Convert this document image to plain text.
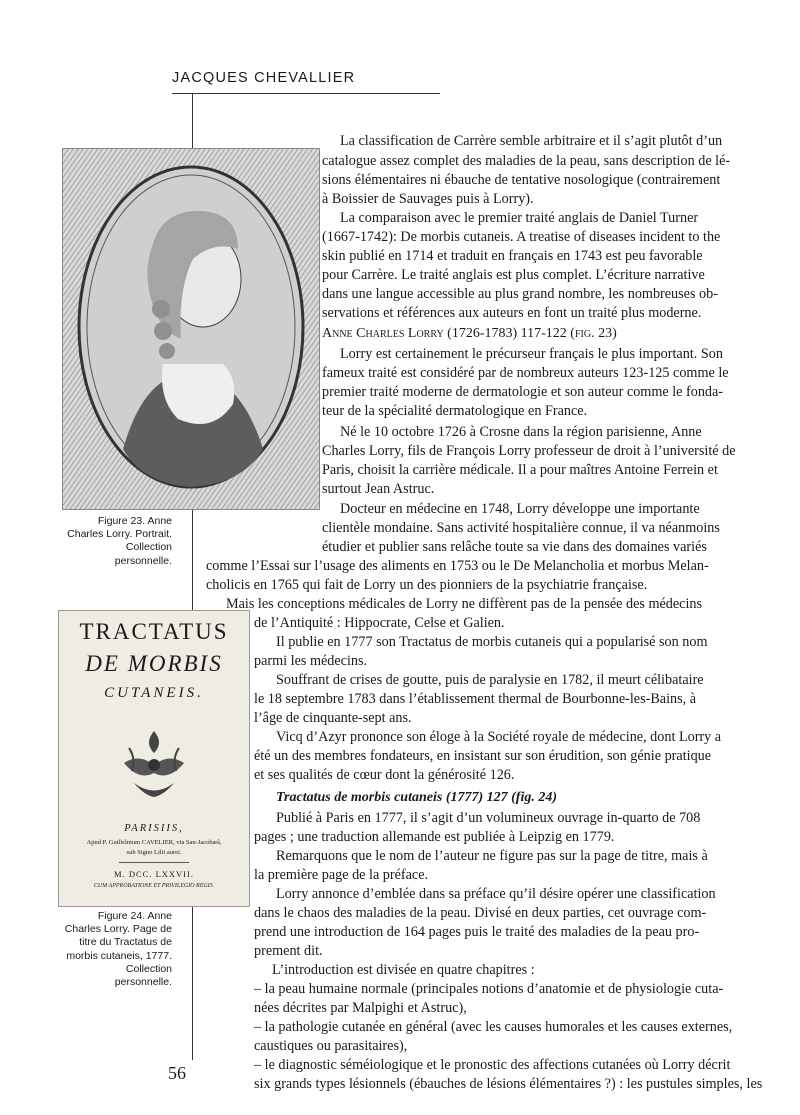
JACQUES CHEVALLIER
Figure 23. Anne
Charles Lorry. Portrait.
Collection
personnelle.
TRACTATUS
DE MORBIS
CUTANEIS.
PARISIIS,
Apud P. Guillelmum CAVELIER, via San-Jacobæâ,
sub Signo Lilii aurei.
M. DCC. LXXVII.
CUM APPROBATIONE ET PRIVILEGIO REGIS.
Figure 24. Anne
Charles Lorry. Page de
titre du Tractatus de
morbis cutaneis, 1777.
Collection
personnelle.
La classification de Carrère semble arbitraire et il s’agit plutôt d’un
catalogue assez complet des maladies de la peau, sans description de lé-
sions élémentaires ni ébauche de tentative nosologique (contrairement
à Boissier de Sauvages puis à Lorry).
La comparaison avec le premier traité anglais de Daniel Turner
(1667-1742): De morbis cutaneis. A treatise of diseases incident to the
skin publié en 1714 et traduit en français en 1743 est peu favorable
pour Carrère. Le traité anglais est plus complet. L’écriture narrative
dans une langue accessible au plus grand nombre, les nombreuses ob-
servations et références aux auteurs en font un traité plus moderne.
Anne Charles Lorry (1726-1783) 117-122 (fig. 23)
Lorry est certainement le précurseur français le plus important. Son
fameux traité est considéré par de nombreux auteurs 123-125 comme le
premier traité moderne de dermatologie et son auteur comme le fonda-
teur de la spécialité dermatologique en France.
Né le 10 octobre 1726 à Crosne dans la région parisienne, Anne
Charles Lorry, fils de François Lorry professeur de droit à l’université de
Paris, choisit la carrière médicale. Il a pour maîtres Antoine Ferrein et
surtout Jean Astruc.
Docteur en médecine en 1748, Lorry développe une importante
clientèle mondaine. Sans activité hospitalière connue, il va néanmoins
étudier et publier sans relâche toute sa vie dans des domaines variés
comme l’Essai sur l’usage des aliments en 1753 ou le De Melancholia et morbus Melan-
cholicis en 1765 qui fait de Lorry un des pionniers de la psychiatrie française.
Mais les conceptions médicales de Lorry ne diffèrent pas de la pensée des médecins
de l’Antiquité : Hippocrate, Celse et Galien.
Il publie en 1777 son Tractatus de morbis cutaneis qui a popularisé son nom
parmi les médecins.
Souffrant de crises de goutte, puis de paralysie en 1782, il meurt célibataire
le 18 septembre 1783 dans l’établissement thermal de Bourbonne-les-Bains, à
l’âge de cinquante-sept ans.
Vicq d’Azyr prononce son éloge à la Société royale de médecine, dont Lorry a
été un des membres fondateurs, en insistant sur son érudition, son génie pratique
et ses qualités de cœur dont la générosité 126.
Tractatus de morbis cutaneis (1777) 127 (fig. 24)
Publié à Paris en 1777, il s’agit d’un volumineux ouvrage in-quarto de 708
pages ; une traduction allemande est publiée à Leipzig en 1779.
Remarquons que le nom de l’auteur ne figure pas sur la page de titre, mais à
la première page de la préface.
Lorry annonce d’emblée dans sa préface qu’il désire opérer une classification
dans le chaos des maladies de la peau. Divisé en deux parties, cet ouvrage com-
prend une introduction de 164 pages puis le traité des maladies de la peau pro-
prement dit.
L’introduction est divisée en quatre chapitres :
– la peau humaine normale (principales notions d’anatomie et de physiologie cuta-
nées décrites par Malpighi et Astruc),
– la pathologie cutanée en général (avec les causes humorales et les causes externes,
caustiques ou parasitaires),
– le diagnostic séméiologique et le pronostic des affections cutanées où Lorry décrit
six grands types lésionnels (ébauches de lésions élémentaires ?) : les pustules simples, les
56
